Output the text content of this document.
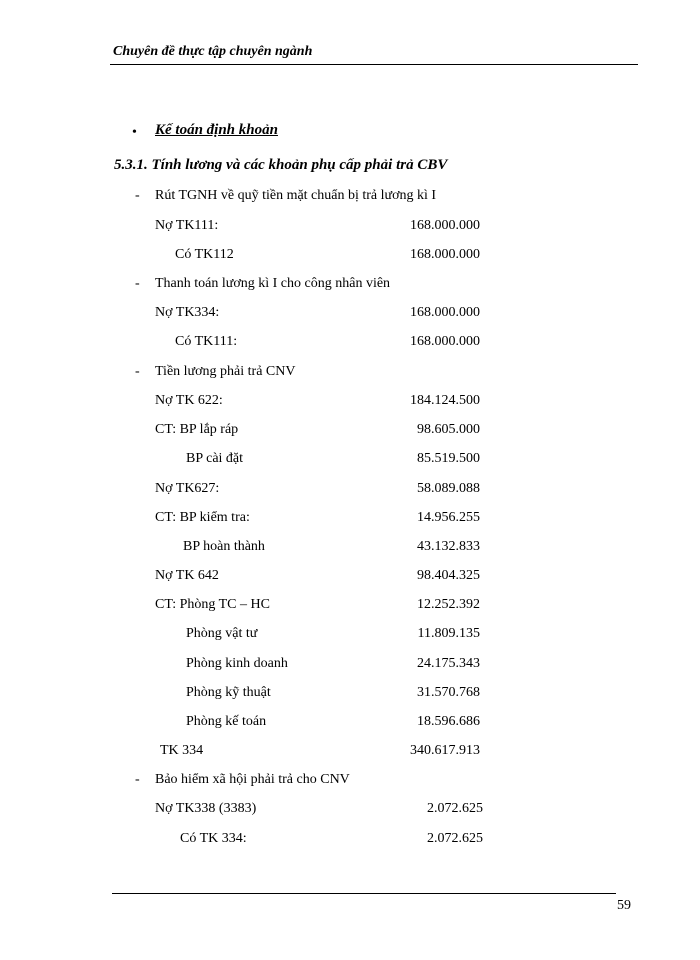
Chuyên đề thực tập chuyên ngành
• Kế toán định khoản
5.3.1. Tính lương và các khoản phụ cấp phải trả CBV
- Rút TGNH về quỹ tiền mặt chuẩn bị trả lương kì I
Nợ TK111:	168.000.000
Có TK112	168.000.000
- Thanh toán lương kì I cho công nhân viên
Nợ TK334:	168.000.000
Có TK111:	168.000.000
- Tiền lương phải trả CNV
Nợ TK 622:	184.124.500
CT: BP lắp ráp	98.605.000
BP cài đặt	85.519.500
Nợ TK627:	58.089.088
CT: BP kiểm tra:	14.956.255
BP hoàn thành	43.132.833
Nợ TK 642	98.404.325
CT: Phòng TC – HC	12.252.392
Phòng vật tư	11.809.135
Phòng kinh doanh	24.175.343
Phòng kỹ thuật	31.570.768
Phòng kế toán	18.596.686
TK 334	340.617.913
- Bảo hiểm xã hội phải trả cho CNV
Nợ TK338 (3383)	2.072.625
Có TK 334:	2.072.625
59
